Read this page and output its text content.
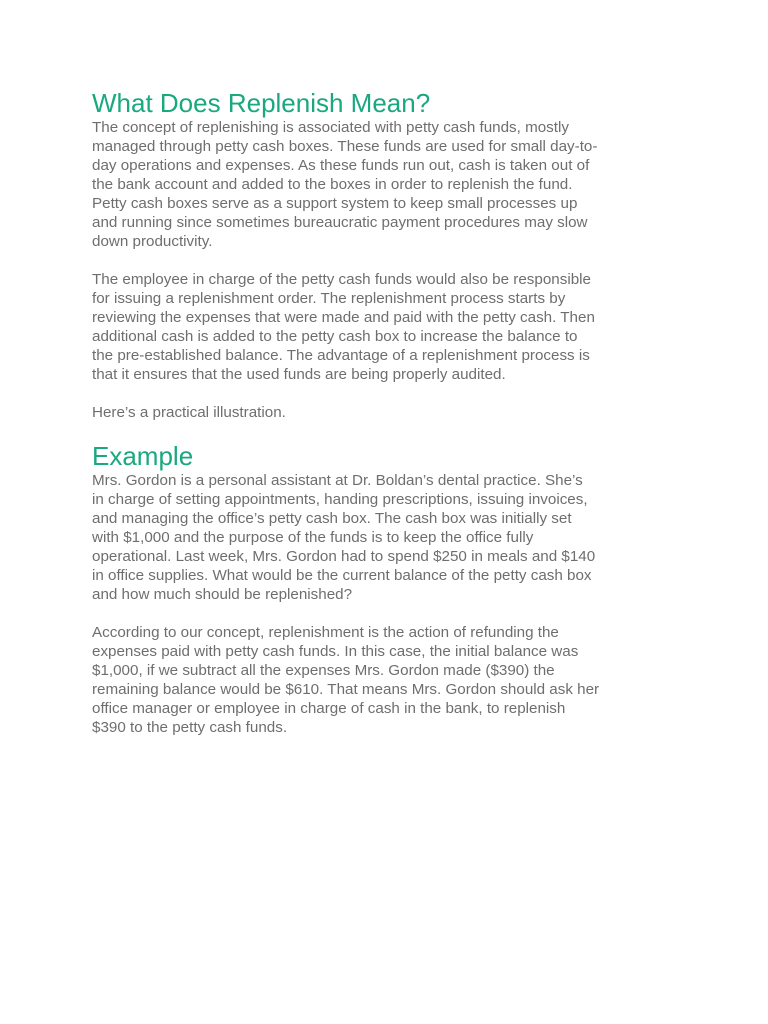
What Does Replenish Mean?

The concept of replenishing is associated with petty cash funds, mostly
managed through petty cash boxes. These funds are used for small day-to-
day operations and expenses. As these funds run out, cash is taken out of
the bank account and added to the boxes in order to replenish the fund.
Petty cash boxes serve as a support system to keep small processes up
and running since sometimes bureaucratic payment procedures may slow
down productivity.

The employee in charge of the petty cash funds would also be responsible
for issuing a replenishment order. The replenishment process starts by
reviewing the expenses that were made and paid with the petty cash. Then
additional cash is added to the petty cash box to increase the balance to
the pre-established balance. The advantage of a replenishment process is
that it ensures that the used funds are being properly audited.

Here’s a practical illustration.

Example

Mrs. Gordon is a personal assistant at Dr. Boldan’s dental practice. She’s
in charge of setting appointments, handing prescriptions, issuing invoices,
and managing the office’s petty cash box. The cash box was initially set
with $1,000 and the purpose of the funds is to keep the office fully
operational. Last week, Mrs. Gordon had to spend $250 in meals and $140
in office supplies. What would be the current balance of the petty cash box
and how much should be replenished?

According to our concept, replenishment is the action of refunding the
expenses paid with petty cash funds. In this case, the initial balance was
$1,000, if we subtract all the expenses Mrs. Gordon made ($390) the
remaining balance would be $610. That means Mrs. Gordon should ask her
office manager or employee in charge of cash in the bank, to replenish
$390 to the petty cash funds.
